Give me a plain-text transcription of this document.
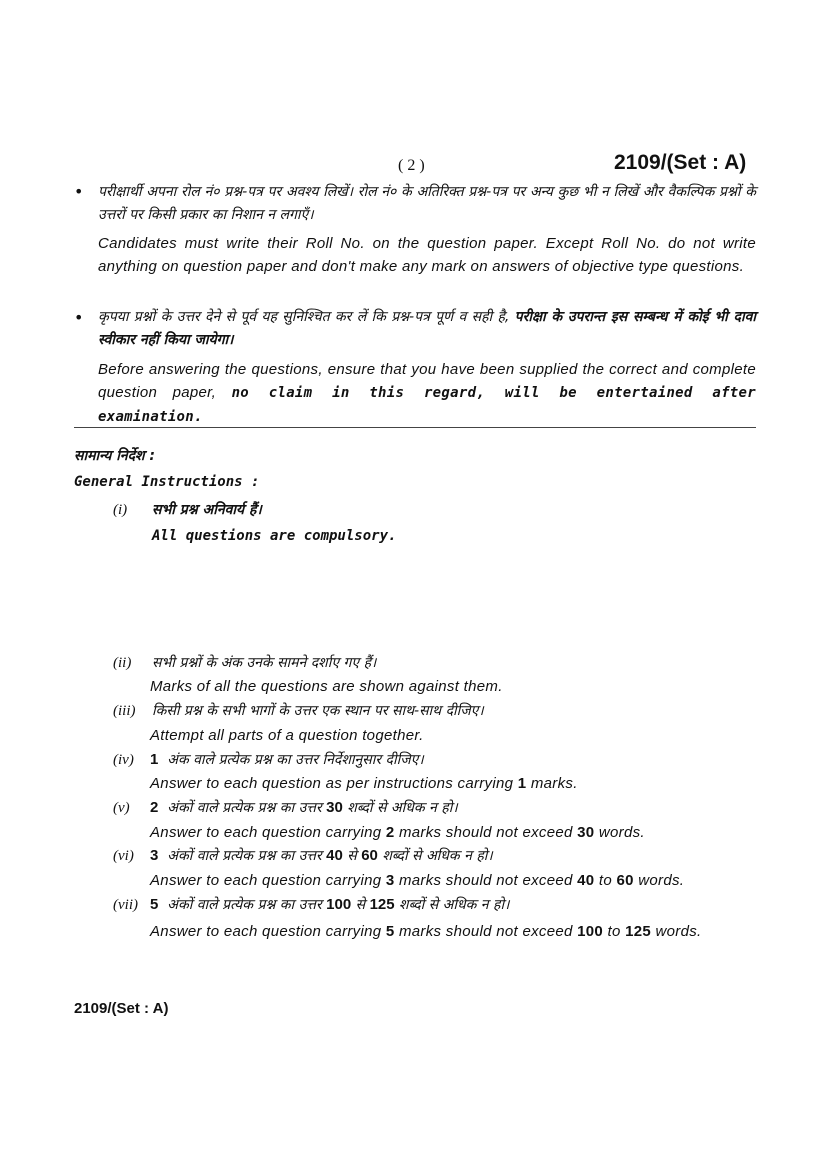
( 2 )	2109/(Set : A)
• परीक्षार्थी अपना रोल नं० प्रश्न-पत्र पर अवश्य लिखें। रोल नं० के अतिरिक्त प्रश्न-पत्र पर अन्य कुछ भी न लिखें और वैकल्पिक प्रश्नों के उत्तरों पर किसी प्रकार का निशान न लगाएँ।
Candidates must write their Roll No. on the question paper. Except Roll No. do not write anything on question paper and don't make any mark on answers of objective type questions.
• कृपया प्रश्नों के उत्तर देने से पूर्व यह सुनिश्चित कर लें कि प्रश्न-पत्र पूर्ण व सही है, परीक्षा के उपरान्त इस सम्बन्ध में कोई भी दावा स्वीकार नहीं किया जायेगा।
Before answering the questions, ensure that you have been supplied the correct and complete question paper, no claim in this regard, will be entertained after examination.
सामान्य निर्देश :
General Instructions :
(i) सभी प्रश्न अनिवार्य हैं।
All questions are compulsory.
(ii) सभी प्रश्नों के अंक उनके सामने दर्शाए गए हैं।
Marks of all the questions are shown against them.
(iii) किसी प्रश्न के सभी भागों के उत्तर एक स्थान पर साथ-साथ दीजिए।
Attempt all parts of a question together.
(iv) 1 अंक वाले प्रत्येक प्रश्न का उत्तर निर्देशानुसार दीजिए।
Answer to each question as per instructions carrying 1 marks.
(v) 2 अंकों वाले प्रत्येक प्रश्न का उत्तर 30 शब्दों से अधिक न हो।
Answer to each question carrying 2 marks should not exceed 30 words.
(vi) 3 अंकों वाले प्रत्येक प्रश्न का उत्तर 40 से 60 शब्दों से अधिक न हो।
Answer to each question carrying 3 marks should not exceed 40 to 60 words.
(vii) 5 अंकों वाले प्रत्येक प्रश्न का उत्तर 100 से 125 शब्दों से अधिक न हो।
Answer to each question carrying 5 marks should not exceed 100 to 125 words.
2109/(Set : A)
